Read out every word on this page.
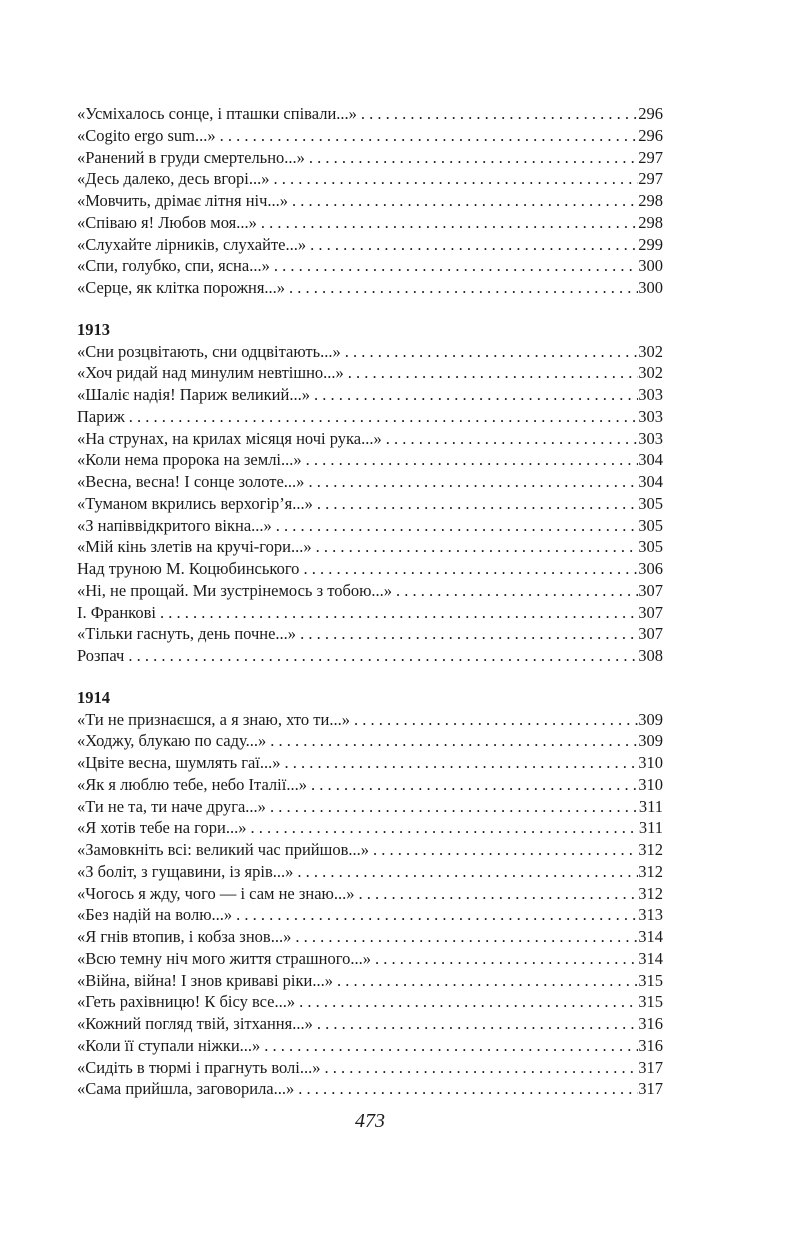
«Усміхалось сонце, і пташки співали...» . . .	296
«Cogito ergo sum...» . . .	296
«Ранений в груди смертельно...» . . .	297
«Десь далеко, десь вгорі...» . . .	297
«Мовчить, дрімає літня ніч...» . . .	298
«Співаю я! Любов моя...» . . .	298
«Слухайте лірників, слухайте...» . . .	299
«Спи, голубко, спи, ясна...» . . .	300
«Серце, як клітка порожня...» . . .	300
1913
«Сни розцвітають, сни одцвітають...» . . .	302
«Хоч ридай над минулим невтішно...» . . .	302
«Шаліє надія! Париж великий...» . . .	303
Париж . . .	303
«На струнах, на крилах місяця ночі рука...» . . .	303
«Коли нема пророка на землі...» . . .	304
«Весна, весна! І сонце золоте...» . . .	304
«Туманом вкрились верхогір’я...» . . .	305
«З напіввідкритого вікна...» . . .	305
«Мій кінь злетів на кручі-гори...» . . .	305
Над труною М. Коцюбинського . . .	306
«Ні, не прощай. Ми зустрінемось з тобою...» . . .	307
І. Франкові . . .	307
«Тільки гаснуть, день почне...» . . .	307
Розпач . . .	308
1914
«Ти не признаєшся, а я знаю, хто ти...» . . .	309
«Ходжу, блукаю по саду...» . . .	309
«Цвіте весна, шумлять гаї...» . . .	310
«Як я люблю тебе, небо Італії...» . . .	310
«Ти не та, ти наче друга...» . . .	311
«Я хотів тебе на гори...» . . .	311
«Замовкніть всі: великий час прийшов...» . . .	312
«З боліт, з гущавини, із ярів...» . . .	312
«Чогось я жду, чого — і сам не знаю...» . . .	312
«Без надій на волю...» . . .	313
«Я гнів втопив, і кобза знов...» . . .	314
«Всю темну ніч мого життя страшного...» . . .	314
«Війна, війна! І знов криваві ріки...» . . .	315
«Геть рахівницю! К бісу все...» . . .	315
«Кожний погляд твій, зітхання...» . . .	316
«Коли її ступали ніжки...» . . .	316
«Сидіть в тюрмі і прагнуть волі...» . . .	317
«Сама прийшла, заговорила...» . . .	317
473
